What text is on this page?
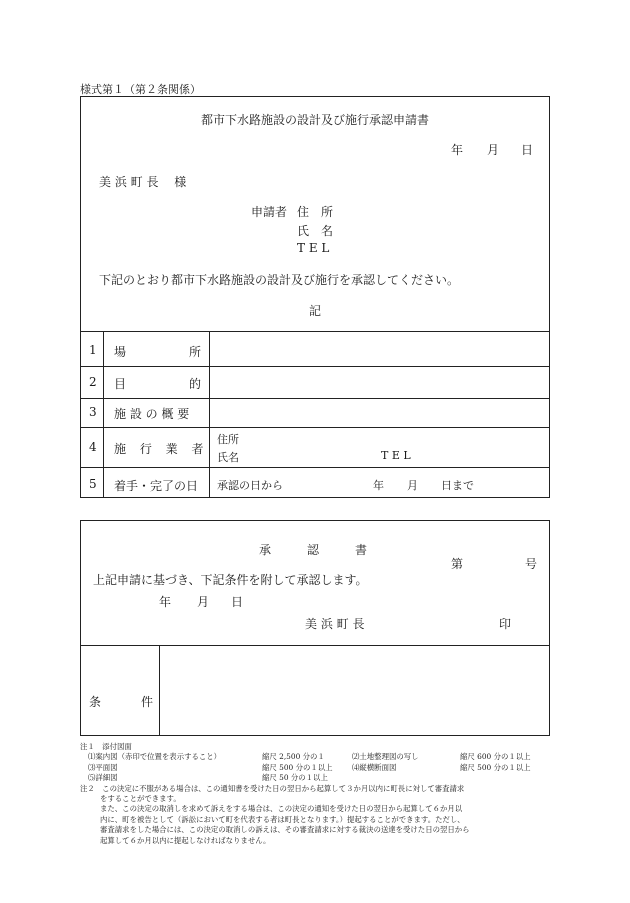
様式第１（第２条関係）
都市下水路施設の設計及び施行承認申請書
年 月 日
美 浜 町 長　 様
申請者 住　所
氏　名
T E L
下記のとおり都市下水路施設の設計及び施行を承認してください。
記
1 場	所
2 目	的
3 施 設 の 概 要
4 施 行 業 者
住所
氏名	T E L
5 着手・完了の日 承認の日から	年 月 日まで
承　　　認　　　書
第	号
上記申請に基づき、下記条件を附して承認します。
年 月 日
美 浜 町 長	印
条	件
注１　添付図面
⑴案内図（赤印で位置を表示すること）	縮尺 2,500 分の１	⑵土地整理図の写し	縮尺 600 分の１以上
⑶平面図	縮尺 500 分の１以上	⑷縦横断面図	縮尺 500 分の１以上
⑸詳細図	縮尺 50 分の１以上
注２　この決定に不服がある場合は、この通知書を受けた日の翌日から起算して３か月以内に町長に対して審査請求
をすることができます。
また、この決定の取消しを求めて訴えをする場合は、この決定の通知を受けた日の翌日から起算して６か月以
内に、町を被告として（訴訟において町を代表する者は町長となります。）提起することができます。ただし、
審査請求をした場合には、この決定の取消しの訴えは、その審査請求に対する裁決の送達を受けた日の翌日から
起算して６か月以内に提起しなければなりません。
